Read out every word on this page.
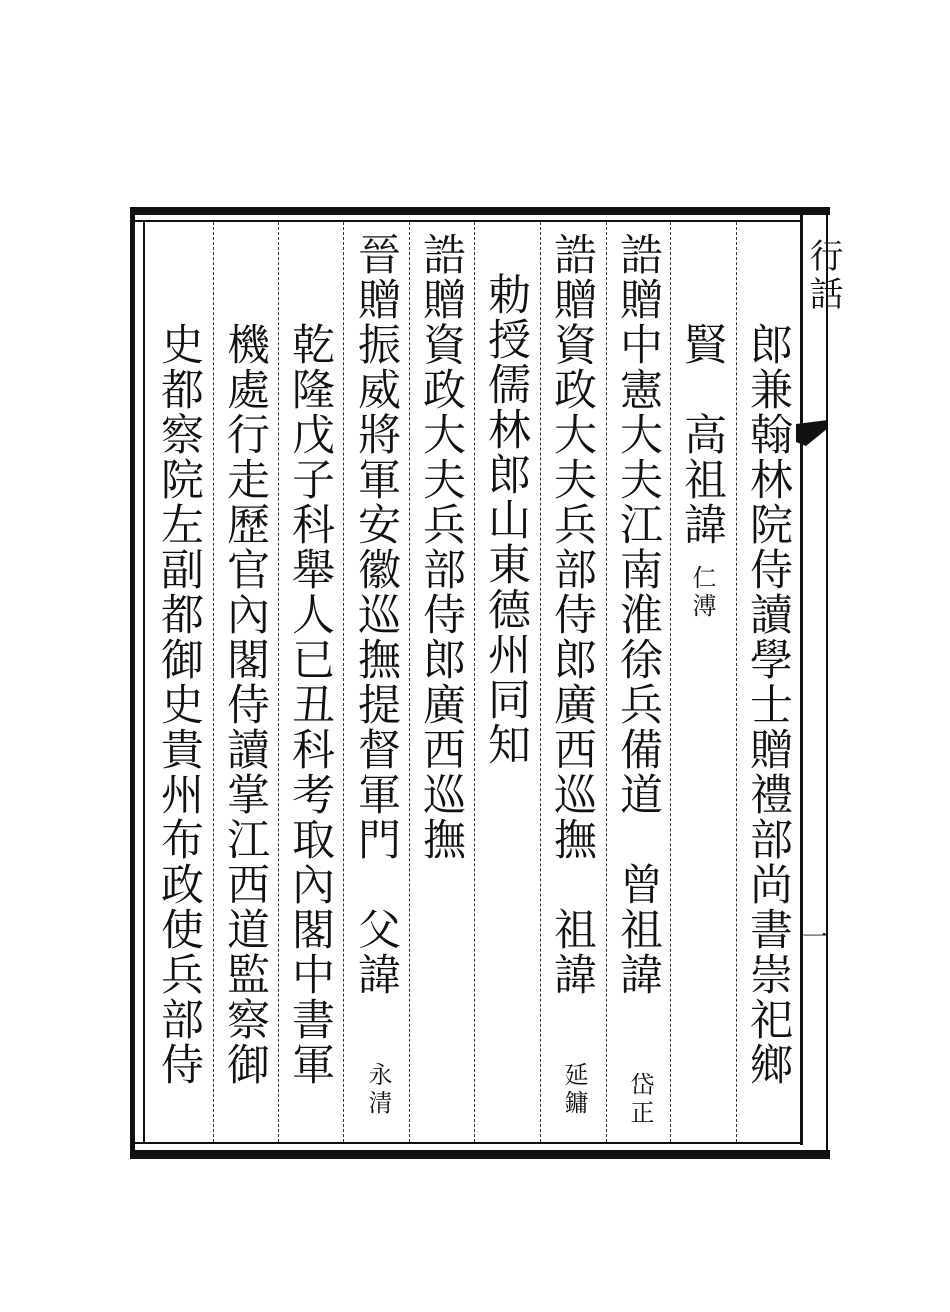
行話
一
郎兼翰林院侍讀學士贈禮部尚書崇祀鄉
賢　高祖諱
仁溥
誥贈中憲大夫江南淮徐兵備道　曾祖諱
岱正
誥贈資政大夫兵部侍郎廣西巡撫　祖諱
延鏞
勅授儒林郎山東德州同知
誥贈資政大夫兵部侍郎廣西巡撫
晉贈振威將軍安徽巡撫提督軍門　父諱
永清
乾隆戊子科舉人已丑科考取內閣中書軍
機處行走歷官內閣侍讀掌江西道監察御
史都察院左副都御史貴州布政使兵部侍
